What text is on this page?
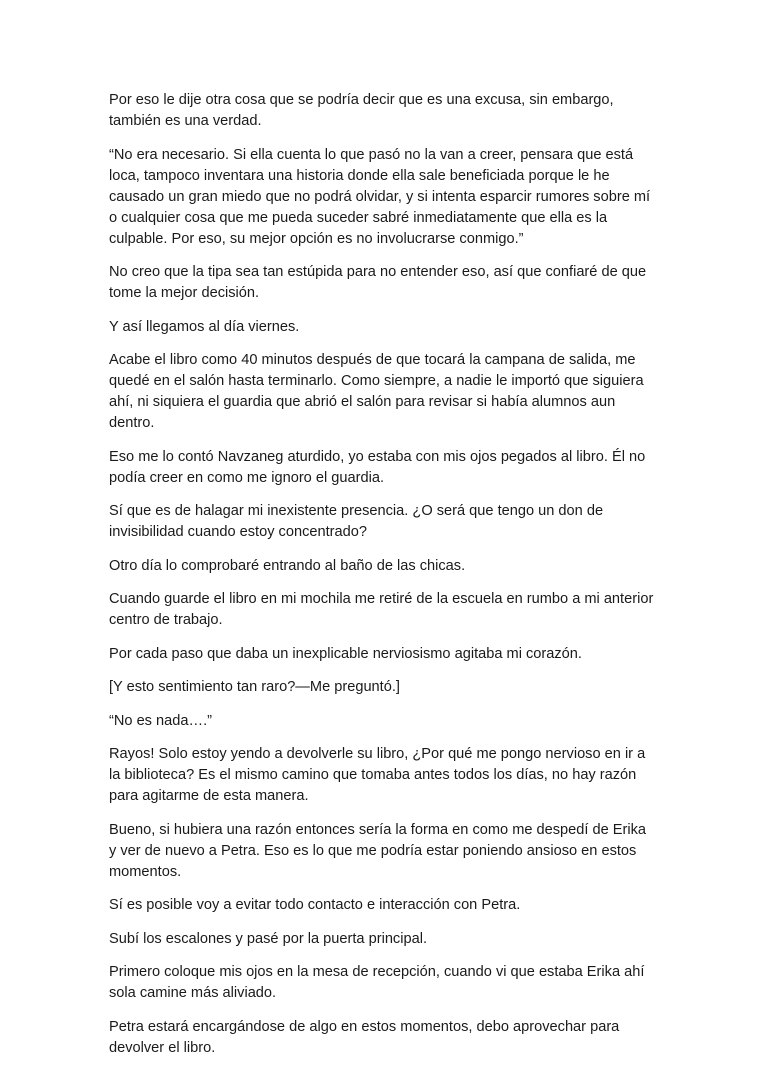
Por eso le dije otra cosa que se podría decir que es una excusa, sin embargo, también es una verdad.

“No era necesario. Si ella cuenta lo que pasó no la van a creer, pensara que está loca, tampoco inventara una historia donde ella sale beneficiada porque le he causado un gran miedo que no podrá olvidar, y si intenta esparcir rumores sobre mí o cualquier cosa que me pueda suceder sabré inmediatamente que ella es la culpable. Por eso, su mejor opción es no involucrarse conmigo.”

No creo que la tipa sea tan estúpida para no entender eso, así que confiaré de que tome la mejor decisión.

Y así llegamos al día viernes.

Acabe el libro como 40 minutos después de que tocará la campana de salida, me quedé en el salón hasta terminarlo. Como siempre, a nadie le importó que siguiera ahí, ni siquiera el guardia que abrió el salón para revisar si había alumnos aun dentro.

Eso me lo contó Navzaneg aturdido, yo estaba con mis ojos pegados al libro. Él no podía creer en como me ignoro el guardia.

Sí que es de halagar mi inexistente presencia. ¿O será que tengo un don de invisibilidad cuando estoy concentrado?

Otro día lo comprobaré entrando al baño de las chicas.

Cuando guarde el libro en mi mochila me retiré de la escuela en rumbo a mi anterior centro de trabajo.

Por cada paso que daba un inexplicable nerviosismo agitaba mi corazón.

[Y esto sentimiento tan raro?—Me preguntó.]

“No es nada….”

Rayos! Solo estoy yendo a devolverle su libro, ¿Por qué me pongo nervioso en ir a la biblioteca? Es el mismo camino que tomaba antes todos los días, no hay razón para agitarme de esta manera.

Bueno, si hubiera una razón entonces sería la forma en como me despedí de Erika y ver de nuevo a Petra. Eso es lo que me podría estar poniendo ansioso en estos momentos.

Sí es posible voy a evitar todo contacto e interacción con Petra.

Subí los escalones y pasé por la puerta principal.

Primero coloque mis ojos en la mesa de recepción, cuando vi que estaba Erika ahí sola camine más aliviado.

Petra estará encargándose de algo en estos momentos, debo aprovechar para devolver el libro.
